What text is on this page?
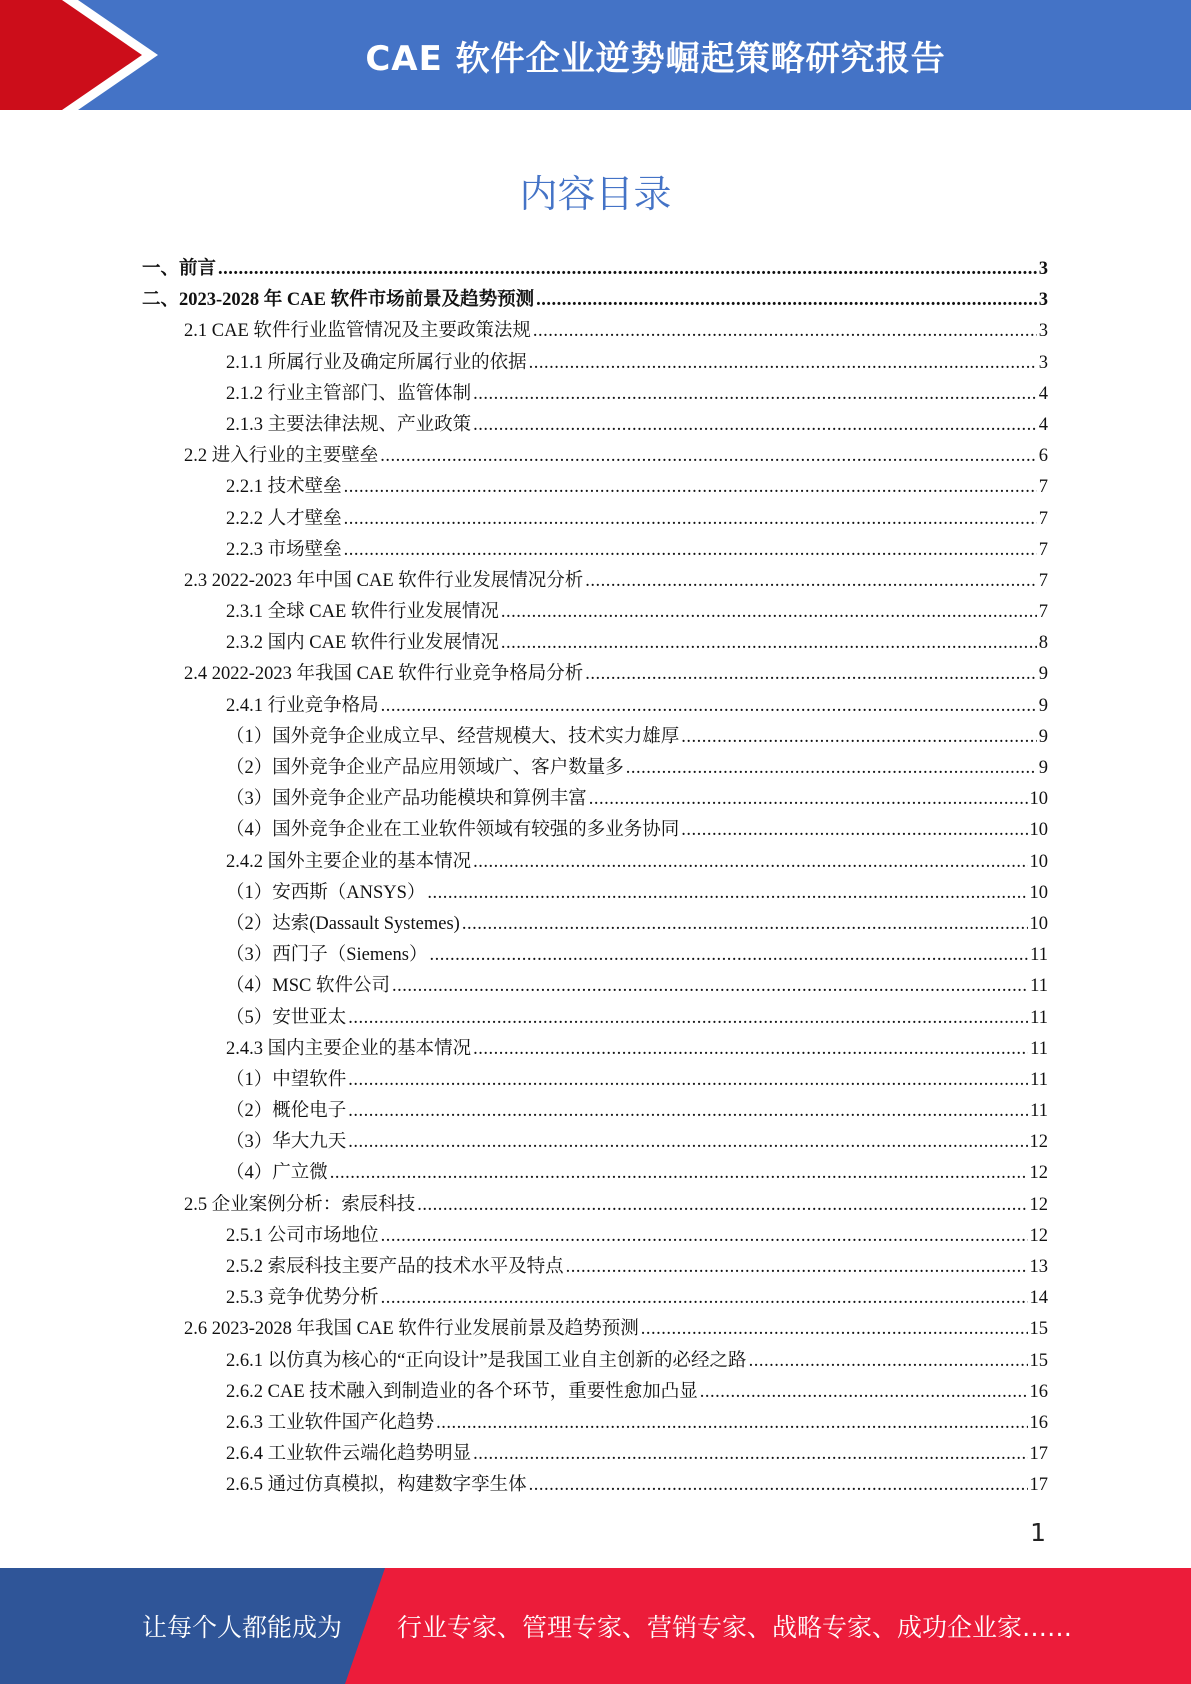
CAE 软件企业逆势崛起策略研究报告
内容目录
一、前言 .....	3
二、2023-2028 年 CAE 软件市场前景及趋势预测 .....	3
2.1 CAE 软件行业监管情况及主要政策法规 .....	3
2.1.1 所属行业及确定所属行业的依据 .....	3
2.1.2 行业主管部门、监管体制 .....	4
2.1.3 主要法律法规、产业政策 .....	4
2.2 进入行业的主要壁垒 .....	6
2.2.1 技术壁垒 .....	7
2.2.2 人才壁垒 .....	7
2.2.3 市场壁垒 .....	7
2.3 2022-2023 年中国 CAE 软件行业发展情况分析 .....	7
2.3.1 全球 CAE 软件行业发展情况 .....	7
2.3.2 国内 CAE 软件行业发展情况 .....	8
2.4 2022-2023 年我国 CAE 软件行业竞争格局分析 .....	9
2.4.1 行业竞争格局 .....	9
（1）国外竞争企业成立早、经营规模大、技术实力雄厚 .....	9
（2）国外竞争企业产品应用领域广、客户数量多 .....	9
（3）国外竞争企业产品功能模块和算例丰富 .....	10
（4）国外竞争企业在工业软件领域有较强的多业务协同 .....	10
2.4.2 国外主要企业的基本情况 .....	10
（1）安西斯（ANSYS） .....	10
（2）达索(Dassault Systemes) .....	10
（3）西门子（Siemens） .....	11
（4）MSC 软件公司 .....	11
（5）安世亚太 .....	11
2.4.3 国内主要企业的基本情况 .....	11
（1）中望软件 .....	11
（2）概伦电子 .....	11
（3）华大九天 .....	12
（4）广立微 .....	12
2.5 企业案例分析：索辰科技 .....	12
2.5.1 公司市场地位 .....	12
2.5.2 索辰科技主要产品的技术水平及特点 .....	13
2.5.3 竞争优势分析 .....	14
2.6 2023-2028 年我国 CAE 软件行业发展前景及趋势预测 .....	15
2.6.1 以仿真为核心的“正向设计”是我国工业自主创新的必经之路 .....	15
2.6.2 CAE 技术融入到制造业的各个环节，重要性愈加凸显 .....	16
2.6.3 工业软件国产化趋势 .....	16
2.6.4 工业软件云端化趋势明显 .....	17
2.6.5 通过仿真模拟，构建数字孪生体 .....	17
1
让每个人都能成为 行业专家、管理专家、营销专家、战略专家、成功企业家……
